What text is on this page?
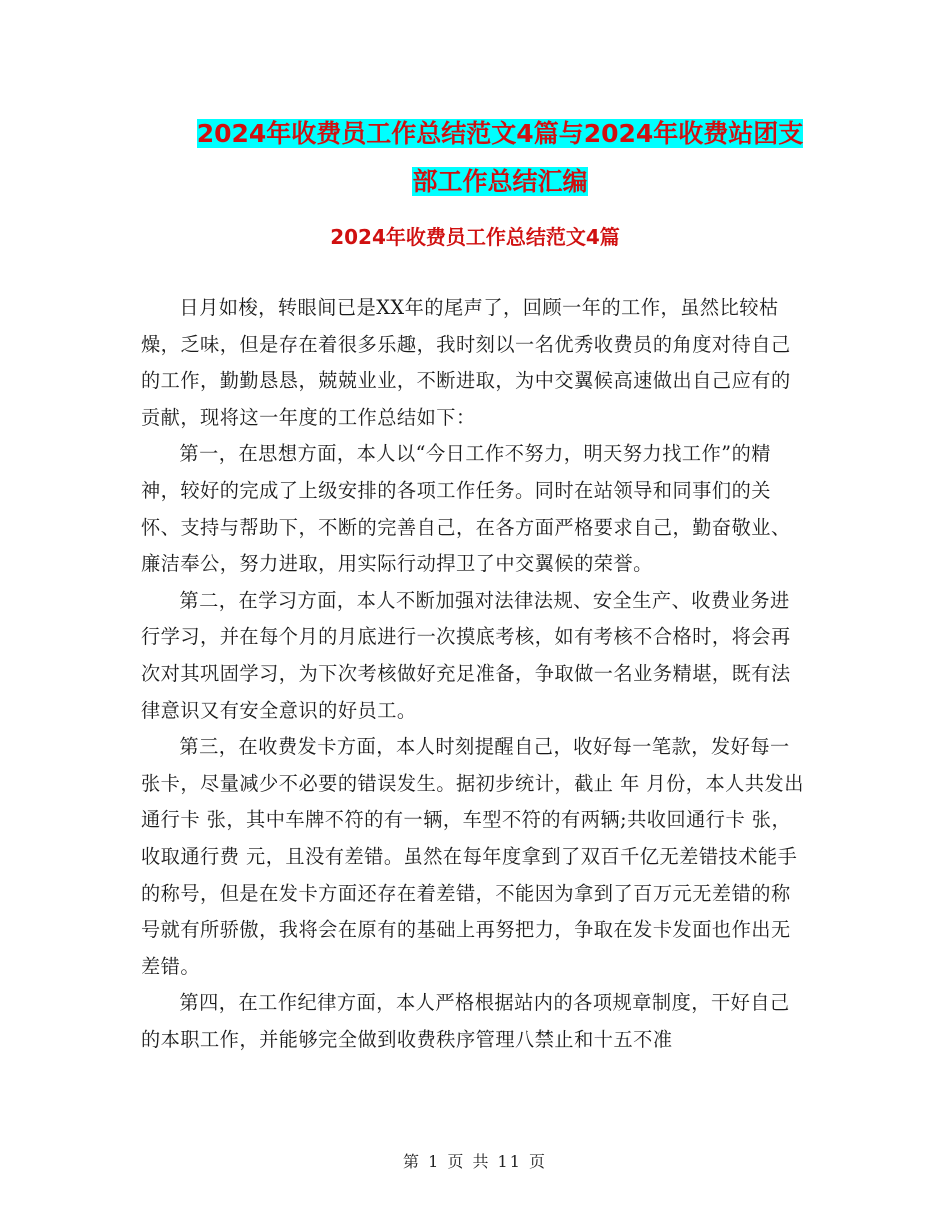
2024年收费员工作总结范文4篇与2024年收费站团支
部工作总结汇编
2024年收费员工作总结范文4篇

日月如梭，转眼间已是XX年的尾声了，回顾一年的工作，虽然比较枯燥，乏味，但是存在着很多乐趣，我时刻以一名优秀收费员的角度对待自己的工作，勤勤恳恳，兢兢业业，不断进取，为中交翼候高速做出自己应有的贡献，现将这一年度的工作总结如下：

第一，在思想方面，本人以“今日工作不努力，明天努力找工作”的精神，较好的完成了上级安排的各项工作任务。同时在站领导和同事们的关怀、支持与帮助下，不断的完善自己，在各方面严格要求自己，勤奋敬业、廉洁奉公，努力进取，用实际行动捍卫了中交翼候的荣誉。

第二，在学习方面，本人不断加强对法律法规、安全生产、收费业务进行学习，并在每个月的月底进行一次摸底考核，如有考核不合格时，将会再次对其巩固学习，为下次考核做好充足准备，争取做一名业务精堪，既有法律意识又有安全意识的好员工。

第三，在收费发卡方面，本人时刻提醒自己，收好每一笔款，发好每一张卡，尽量减少不必要的错误发生。据初步统计，截止 年 月份，本人共发出通行卡 张，其中车牌不符的有一辆，车型不符的有两辆;共收回通行卡 张，收取通行费 元，且没有差错。虽然在每年度拿到了双百千亿无差错技术能手的称号，但是在发卡方面还存在着差错，不能因为拿到了百万元无差错的称号就有所骄傲，我将会在原有的基础上再努把力，争取在发卡发面也作出无差错。

第四，在工作纪律方面，本人严格根据站内的各项规章制度，干好自己的本职工作，并能够完全做到收费秩序管理八禁止和十五不准

第 1 页 共 11 页
